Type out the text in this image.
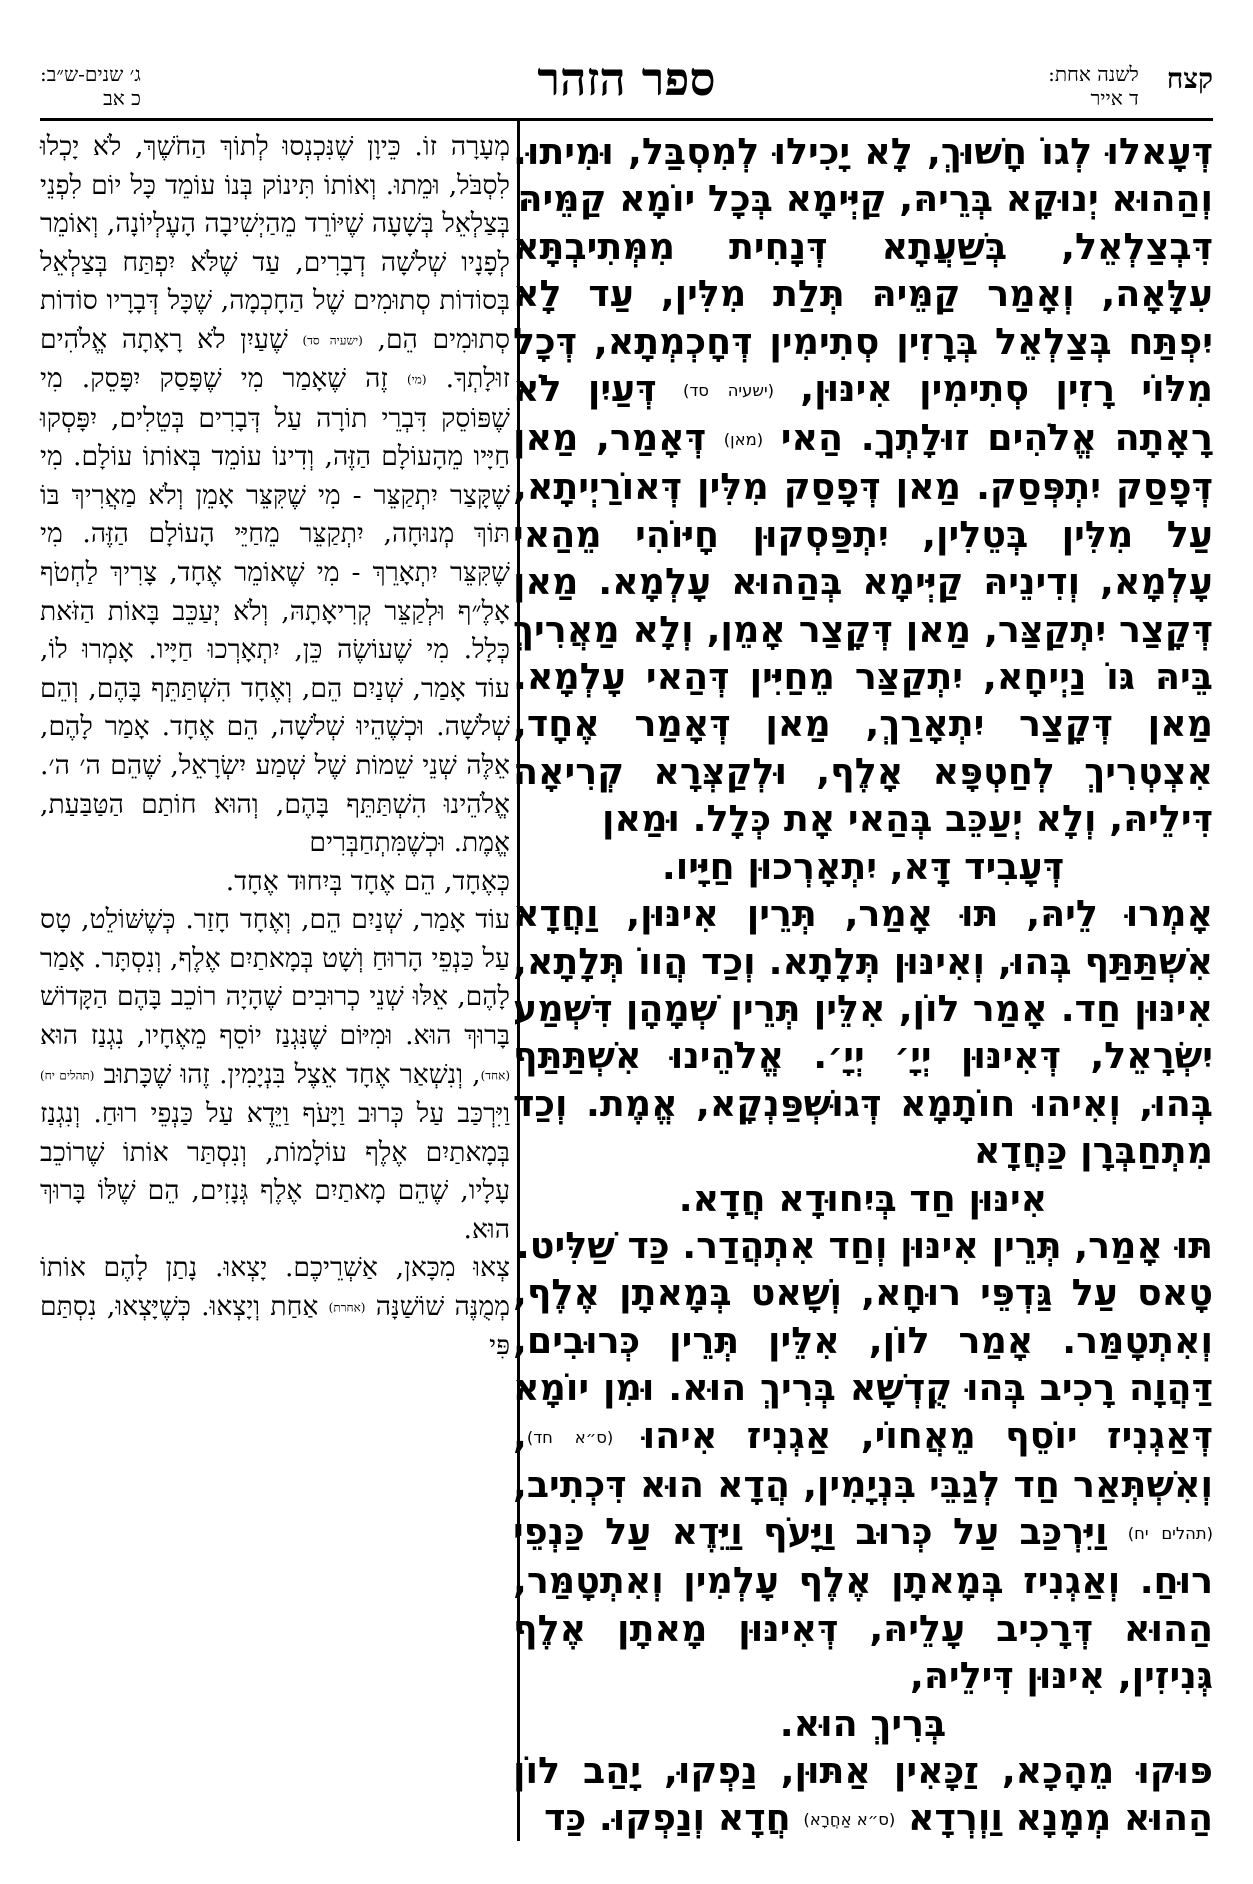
קצח
לשנה אחת:
ד אייר
ספר הזהר
ג׳ שנים-ש״ב:
כ אב

דְּעָאלוּ לְגוֹ חָשׁוּךְ, לָא יָכִילוּ לְמִסְבַּל, וּמִיתוּ. וְהַהוּא יְנוּקָא בְּרֵיהּ, קַיְּימָא בְּכָל יוֹמָא קַמֵּיהּ

דִּבְצַלְאֵל, בְּשַׁעֲתָא דְּנָחִית מִמְּתִיבְתָּא עִלָּאָה, וְאָמַר קַמֵּיהּ תְּלַת מִלִּין, עַד לָא יִפְתַּח בְּצַלְאֵל בְּרָזִין סְתִימִין דְּחָכְמְתָא, דְּכָל מִלּוֹי רָזִין סְתִימִין אִינּוּן, (ישעיה סד) דְּעַיִן לֹא רָאָתָה אֱלֹהִים זוּלָתְךָ. הַאי (מאן) דְּאָמַר, מַאן דְּפָסַק יִתְפְּסַק. מַאן דְּפָסַק מִלִּין דְּאוֹרַיְיתָא, עַל מִלִּין בְּטֵלִין, יִתְפַּסְקוּן חָיּוֹהִי מֵהַאי עָלְמָא, וְדִינֵיהּ קַיְּימָא בְּהַהוּא עָלְמָא. מַאן דְּקָצַר יִתְקַצַּר, מַאן דְּקָצַר אָמֵן, וְלָא מַאֲרִיךְ בֵּיהּ גּוֹ נַיְיחָא, יִתְקַצַּר מֵחַיִּין דְּהַאי עָלְמָא. מַאן דְּקָצַר יִתְאָרַךְ, מַאן דְּאָמַר אֶחָד, אִצְטְרִיךְ לְחַטְפָּא אָלֶף, וּלְקַצְּרָא קְרִיאָה דִּילֵיהּ, וְלָא יְעַכֵּב בְּהַאי אָת כְּלָל. וּמַאן

דְּעָבִיד דָּא, יִתְאָרְכוּן חַיָּיו.

אָמְרוּ לֵיהּ, תּוּ אָמַר, תְּרֵין אִינּוּן, וַחֲדָא אִשְׁתַּתַּף בְּהוּ, וְאִינּוּן תְּלָתָא. וְכַד הֲווֹ תְּלָתָא, אִינּוּן חַד. אָמַר לוֹן, אִלֵּין תְּרֵין שְׁמָהָן דִּשְׁמַע יִשְׂרָאֵל, דְּאִינּוּן יְיָ׳ יְיָ׳. אֱלֹהֵינוּ אִשְׁתַּתַּף בְּהוּ, וְאִיהוּ חוֹתָמָא דְּגוּשְׁפַּנְקָא, אֱמֶת. וְכַד מִתְחַבְּרָן כַּחֲדָא

אִינּוּן חַד בְּיִחוּדָא חֲדָא.

תּוּ אָמַר, תְּרֵין אִינּוּן וְחַד אִתְהֲדַר. כַּד שַׁלִּיט.

טָאס עַל גַּדְפֵּי רוּחָא, וְשָׁאט בְּמָאתָן אֶלֶף, וְאִתְטָמַּר. אָמַר לוֹן, אִלֵּין תְּרֵין כְּרוּבִים, דַּהֲוָה רָכִיב בְּהוּ קֻדְשָׁא בְּרִיךְ הוּא. וּמִן יוֹמָא דְּאַגְנִיז יוֹסֵף מֵאֲחוֹי, אַגְנִיז אִיהוּ (ס״א חד), וְאִשְׁתְּאַר חַד לְגַבֵּי בִּנְיָמִין, הֲדָא הוּא דִּכְתִיב, (תהלים יח) וַיִּרְכַּב עַל כְּרוּב וַיָּעֹף וַיֵּדֶא עַל כַּנְפֵי רוּחַ. וְאַגְנִיז בְּמָאתָן אֶלֶף עָלְמִין וְאִתְטָמַּר, הַהוּא דְּרָכִיב עָלֵיהּ, דְּאִינּוּן מָאתָן אֶלֶף גְּנִיזִין, אִינּוּן דִּילֵיהּ,

בְּרִיךְ הוּא.

פּוּקוּ מֵהָכָא, זַכָּאִין אַתּוּן, נַפְקוּ, יָהַב לוֹן הַהוּא מְמָנָא וַוְרְדָא (ס״א אַחֲרָא) חֲדָא וְנַפְקוּ. כַּד

מְעָרָה זוֹ. כֵּיוָן שֶׁנִּכְנְסוּ לְתוֹךְ הַחֹשֶׁךְ, לֹא יָכְלוּ לִסְבֹּל, וּמֵתוּ. וְאוֹתוֹ תִּינוֹק בְּנוֹ עוֹמֵד כָּל יוֹם לִפְנֵי בְּצַלְאֵל בְּשָׁעָה שֶׁיּוֹרֵד מֵהַיְשִׁיבָה הָעֶלְיוֹנָה, וְאוֹמֵר לְפָנָיו שְׁלֹשָׁה דְבָרִים, עַד שֶׁלֹּא יִפְתַּח בְּצַלְאֵל בְּסוֹדוֹת סְתוּמִים שֶׁל הַחָכְמָה, שֶׁכָּל דְּבָרָיו סוֹדוֹת סְתוּמִים הֵם, (ישעיה סד) שֶׁעַיִן לֹא רָאָתָה אֱלֹהִים זוּלָתְךָ. (מי) זֶה שֶׁאָמַר מִי שֶׁפָּסַק יִפָּסֵק. מִי שֶׁפּוֹסֵק דִּבְרֵי תוֹרָה עַל דְּבָרִים בְּטֵלִים, יִפָּסְקוּ חַיָּיו מֵהָעוֹלָם הַזֶּה, וְדִינוֹ עוֹמֵד בְּאוֹתוֹ עוֹלָם. מִי שֶׁקָּצַר יִתְקַצֵּר - מִי שֶׁקִּצֵּר אָמֵן וְלֹא מַאֲרִיךְ בּוֹ תּוֹךְ מְנוּחָה, יִתְקַצֵּר מֵחַיֵּי הָעוֹלָם הַזֶּה. מִי שֶׁקִּצֵּר יִתְאָרֵךְ - מִי שֶׁאוֹמֵר אֶחָד, צָרִיךְ לַחְטֹף אָלֶ״ף וּלְקַצֵּר קְרִיאָתָהּ, וְלֹא יְעַכֵּב בָּאוֹת הַזֹּאת כְּלָל. מִי שֶׁעוֹשֶׂה כֵּן, יִתְאָרְכוּ חַיָּיו. אָמְרוּ לוֹ, עוֹד אָמַר, שְׁנַיִם הֵם, וְאֶחָד הִשְׁתַּתֵּף בָּהֶם, וְהֵם שְׁלֹשָׁה. וּכְשֶׁהֵיוּ שְׁלֹשָׁה, הֵם אֶחָד. אָמַר לָהֶם, אֵלֶּה שְׁנֵי שֵׁמוֹת שֶׁל שְׁמַע יִשְׂרָאֵל, שֶׁהֵם ה׳ ה׳. אֱלֹהֵינוּ הִשְׁתַּתֵּף בָּהֶם, וְהוּא חוֹתַם הַטַּבַּעַת, אֱמֶת. וּכְשֶׁמִּתְחַבְּרִים

כְּאֶחָד, הֵם אֶחָד בְּיִחוּד אֶחָד.

עוֹד אָמַר, שְׁנַיִם הֵם, וְאֶחָד חָזַר. כְּשֶׁשּׁוֹלֵט, טָס עַל כַּנְפֵי הָרוּחַ וְשָׁט בְּמָאתַיִם אֶלֶף, וְנִסְתָּר. אָמַר לָהֶם, אֵלּוּ שְׁנֵי כְרוּבִים שֶׁהָיָה רוֹכֵב בָּהֶם הַקָּדוֹשׁ בָּרוּךְ הוּא. וּמִיּוֹם שֶׁנִּגְנַז יוֹסֵף מֵאֶחָיו, נִגְנַז הוּא (אחד), וְנִשְׁאַר אֶחָד אֵצֶל בִּנְיָמִין. זֶהוּ שֶׁכָּתוּב (תהלים יח) וַיִּרְכַּב עַל כְּרוּב וַיָּעֹף וַיֵּדֶא עַל כַּנְפֵי רוּחַ. וְנִגְנַז בְּמָאתַיִם אֶלֶף עוֹלָמוֹת, וְנִסְתַּר אוֹתוֹ שֶׁרוֹכֵב עָלָיו, שֶׁהֵם מָאתַיִם אֶלֶף גְּנָזִים, הֵם שֶׁלּוֹ בָּרוּךְ הוּא.

צְאוּ מִכָּאן, אַשְׁרֵיכֶם. יָצְאוּ. נָתַן לָהֶם אוֹתוֹ מְמֻנֶּה שׁוֹשַׁנָּה (אחרת) אַחַת וְיָצְאוּ. כְּשֶׁיָּצְאוּ, נִסְתַּם פִּי
